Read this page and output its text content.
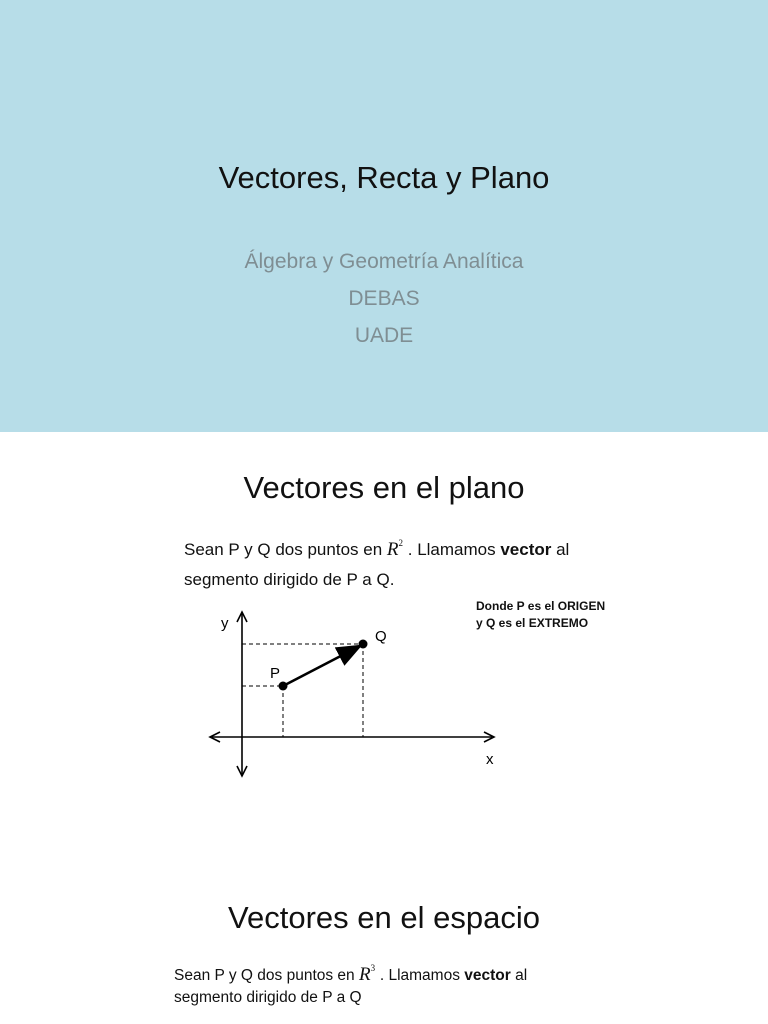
Vectores, Recta y Plano
Álgebra y Geometría Analítica
DEBAS
UADE
Vectores en el plano
Sean P y Q dos puntos en $R^2$ . Llamamos vector al
segmento dirigido de P a Q.
Donde P es el ORIGEN
y Q es el EXTREMO
P
Q
y
x
Vectores en el espacio
Sean P y Q dos puntos en $R^3$ . Llamamos vector al
segmento dirigido de P a Q
